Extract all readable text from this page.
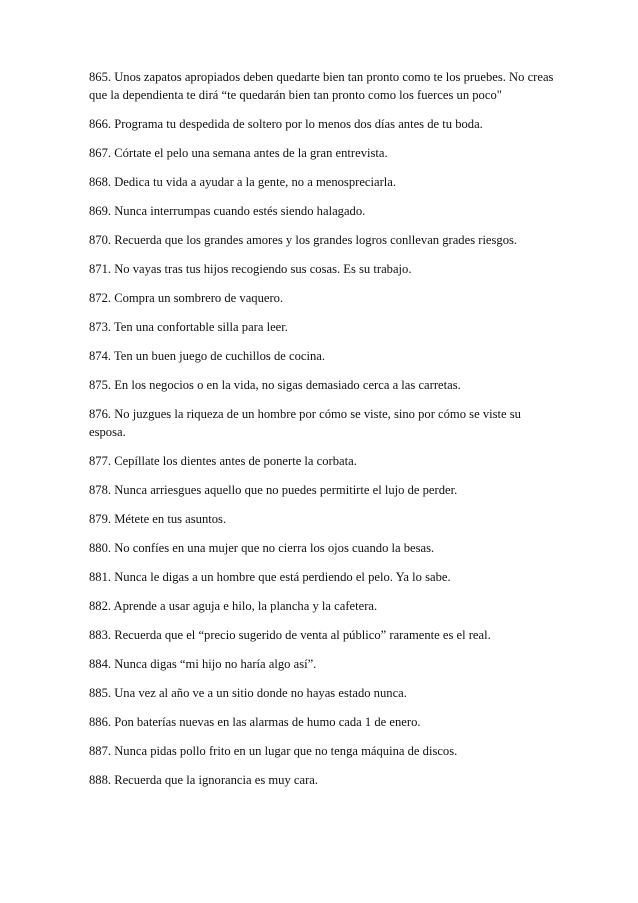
865. Unos zapatos apropiados deben quedarte bien tan pronto como te los pruebes. No creas que la dependienta te dirá “te quedarán bien tan pronto como los fuerces un poco"

866. Programa tu despedida de soltero por lo menos dos días antes de tu boda.

867. Córtate el pelo una semana antes de la gran entrevista.

868. Dedica tu vida a ayudar a la gente, no a menospreciarla.

869. Nunca interrumpas cuando estés siendo halagado.

870. Recuerda que los grandes amores y los grandes logros conllevan grades riesgos.

871. No vayas tras tus hijos recogiendo sus cosas. Es su trabajo.

872. Compra un sombrero de vaquero.

873. Ten una confortable silla para leer.

874. Ten un buen juego de cuchillos de cocina.

875. En los negocios o en la vida, no sigas demasiado cerca a las carretas.

876. No juzgues la riqueza de un hombre por cómo se viste, sino por cómo se viste su esposa.

877. Cepíllate los dientes antes de ponerte la corbata.

878. Nunca arriesgues aquello que no puedes permitirte el lujo de perder.

879. Métete en tus asuntos.

880. No confíes en una mujer que no cierra los ojos cuando la besas.

881. Nunca le digas a un hombre que está perdiendo el pelo. Ya lo sabe.

882. Aprende a usar aguja e hilo, la plancha y la cafetera.

883. Recuerda que el “precio sugerido de venta al público” raramente es el real.

884. Nunca digas “mi hijo no haría algo así”.

885. Una vez al año ve a un sitio donde no hayas estado nunca.

886. Pon baterías nuevas en las alarmas de humo cada 1 de enero.

887. Nunca pidas pollo frito en un lugar que no tenga máquina de discos.

888. Recuerda que la ignorancia es muy cara.
